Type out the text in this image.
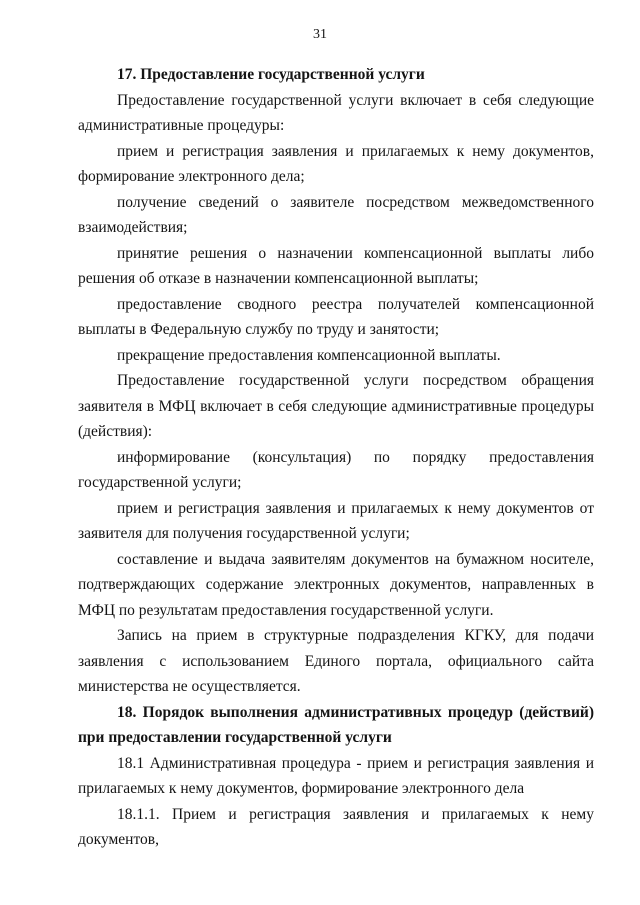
31

17. Предоставление государственной услуги

Предоставление государственной услуги включает в себя следующие административные процедуры:

прием и регистрация заявления и прилагаемых к нему документов, формирование электронного дела;

получение сведений о заявителе посредством межведомственного взаимодействия;

принятие решения о назначении компенсационной выплаты либо решения об отказе в назначении компенсационной выплаты;

предоставление сводного реестра получателей компенсационной выплаты в Федеральную службу по труду и занятости;

прекращение предоставления компенсационной выплаты.

Предоставление государственной услуги посредством обращения заявителя в МФЦ включает в себя следующие административные процедуры (действия):

информирование (консультация) по порядку предоставления государственной услуги;

прием и регистрация заявления и прилагаемых к нему документов от заявителя для получения государственной услуги;

составление и выдача заявителям документов на бумажном носителе, подтверждающих содержание электронных документов, направленных в МФЦ по результатам предоставления государственной услуги.

Запись на прием в структурные подразделения КГКУ, для подачи заявления с использованием Единого портала, официального сайта министерства не осуществляется.

18. Порядок выполнения административных процедур (действий) при предоставлении государственной услуги

18.1 Административная процедура - прием и регистрация заявления и прилагаемых к нему документов, формирование электронного дела

18.1.1. Прием и регистрация заявления и прилагаемых к нему документов,
